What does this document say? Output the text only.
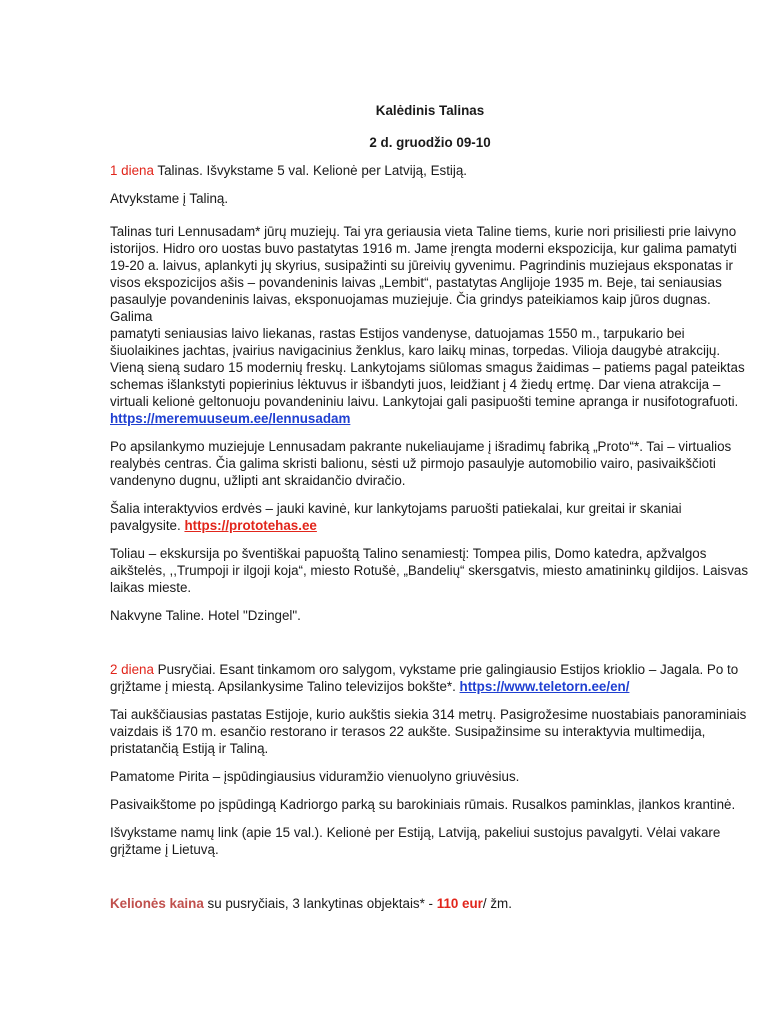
Kalėdinis Talinas

2 d. gruodžio 09-10

1 diena Talinas. Išvykstame 5 val. Kelionė per Latviją, Estiją.

Atvykstame į Taliną.

Talinas turi Lennusadam* jūrų muziejų. Tai yra geriausia vieta Taline tiems, kurie nori prisiliesti prie laivyno
istorijos. Hidro oro uostas buvo pastatytas 1916 m. Jame įrengta moderni ekspozicija, kur galima pamatyti
19-20 a. laivus, aplankyti jų skyrius, susipažinti su jūreivių gyvenimu. Pagrindinis muziejaus eksponatas ir
visos ekspozicijos ašis – povandeninis laivas „Lembit“, pastatytas Anglijoje 1935 m. Beje, tai seniausias
pasaulyje povandeninis laivas, eksponuojamas muziejuje. Čia grindys pateikiamos kaip jūros dugnas. Galima
pamatyti seniausias laivo liekanas, rastas Estijos vandenyse, datuojamas 1550 m., tarpukario bei
šiuolaikines jachtas, įvairius navigacinius ženklus, karo laikų minas, torpedas. Vilioja daugybė atrakcijų.
Vieną sieną sudaro 15 modernių freskų. Lankytojams siūlomas smagus žaidimas – patiems pagal pateiktas
schemas išlankstyti popierinius lėktuvus ir išbandyti juos, leidžiant į 4 žiedų ertmę. Dar viena atrakcija –
virtuali kelionė geltonuoju povandeniniu laivu. Lankytojai gali pasipuošti temine apranga ir nusifotografuoti.
https://meremuuseum.ee/lennusadam

Po apsilankymo muziejuje Lennusadam pakrante nukeliaujame į išradimų fabriką „Proto“*. Tai – virtualios
realybės centras. Čia galima skristi balionu, sėsti už pirmojo pasaulyje automobilio vairo, pasivaikščioti
vandenyno dugnu, užlipti ant skraidančio dviračio.

Šalia interaktyvios erdvės – jauki kavinė, kur lankytojams paruošti patiekalai, kur greitai ir skaniai
pavalgysite. https://prototehas.ee

Toliau – ekskursija po šventiškai papuoštą Talino senamiestį: Tompea pilis, Domo katedra, apžvalgos
aikštelės, ,,Trumpoji ir ilgoji koja“, miesto Rotušė, „Bandelių“ skersgatvis, miesto amatininkų gildijos. Laisvas
laikas mieste.

Nakvyne Taline. Hotel "Dzingel".

2 diena Pusryčiai. Esant tinkamom oro salygom, vykstame prie galingiausio Estijos krioklio – Jagala. Po to
grįžtame į miestą. Apsilankysime Talino televizijos bokšte*. https://www.teletorn.ee/en/

Tai aukščiausias pastatas Estijoje, kurio aukštis siekia 314 metrų. Pasigrožesime nuostabiais panoraminiais
vaizdais iš 170 m. esančio restorano ir terasos 22 aukšte. Susipažinsime su interaktyvia multimedija,
pristatančią Estiją ir Taliną.

Pamatome Pirita – įspūdingiausius viduramžio vienuolyno griuvėsius.

Pasivaikštome po įspūdingą Kadriorgo parką su barokiniais rūmais. Rusalkos paminklas, įlankos krantinė.

Išvykstame namų link (apie 15 val.). Kelionė per Estiją, Latviją, pakeliui sustojus pavalgyti. Vėlai vakare
grįžtame į Lietuvą.

Kelionės kaina su pusryčiais, 3 lankytinas objektais* - 110 eur/ žm.
